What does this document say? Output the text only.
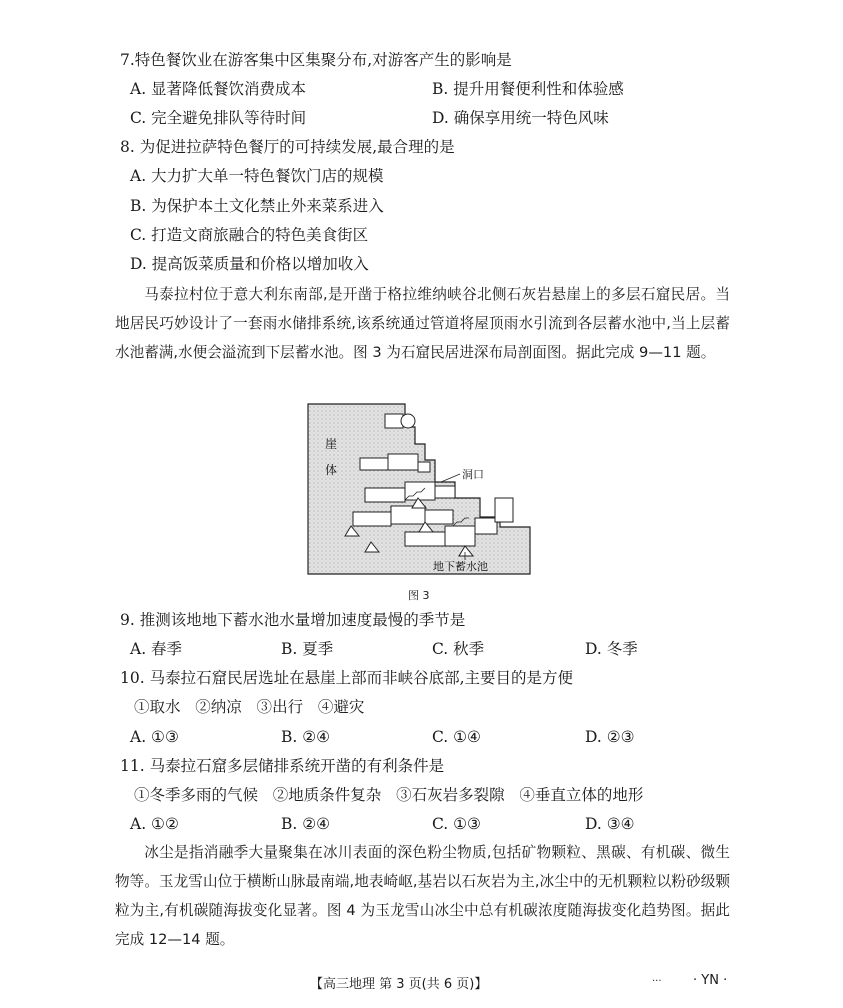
7.特色餐饮业在游客集中区集聚分布,对游客产生的影响是
A. 显著降低餐饮消费成本	B. 提升用餐便利性和体验感
C. 完全避免排队等待时间	D. 确保享用统一特色风味
8. 为促进拉萨特色餐厅的可持续发展,最合理的是
A. 大力扩大单一特色餐饮门店的规模
B. 为保护本土文化禁止外来菜系进入
C. 打造文商旅融合的特色美食街区
D. 提高饭菜质量和价格以增加收入
马泰拉村位于意大利东南部,是开凿于格拉维纳峡谷北侧石灰岩悬崖上的多层石窟民居。当地居民巧妙设计了一套雨水储排系统,该系统通过管道将屋顶雨水引流到各层蓄水池中,当上层蓄水池蓄满,水便会溢流到下层蓄水池。图 3 为石窟民居进深布局剖面图。据此完成 9—11 题。
崖
体	洞口
地下蓄水池
图 3
9. 推测该地地下蓄水池水量增加速度最慢的季节是
A. 春季	B. 夏季	C. 秋季	D. 冬季
10. 马泰拉石窟民居选址在悬崖上部而非峡谷底部,主要目的是方便
①取水   ②纳凉   ③出行   ④避灾
A. ①③	B. ②④	C. ①④	D. ②③
11. 马泰拉石窟多层储排系统开凿的有利条件是
①冬季多雨的气候   ②地质条件复杂   ③石灰岩多裂隙   ④垂直立体的地形
A. ①②	B. ②④	C. ①③	D. ③④
冰尘是指消融季大量聚集在冰川表面的深色粉尘物质,包括矿物颗粒、黑碳、有机碳、微生物等。玉龙雪山位于横断山脉最南端,地表崎岖,基岩以石灰岩为主,冰尘中的无机颗粒以粉砂级颗粒为主,有机碳随海拔变化显著。图 4 为玉龙雪山冰尘中总有机碳浓度随海拔变化趋势图。据此完成 12—14 题。
【高三地理 第 3 页(共 6 页)】	... · YN ·
